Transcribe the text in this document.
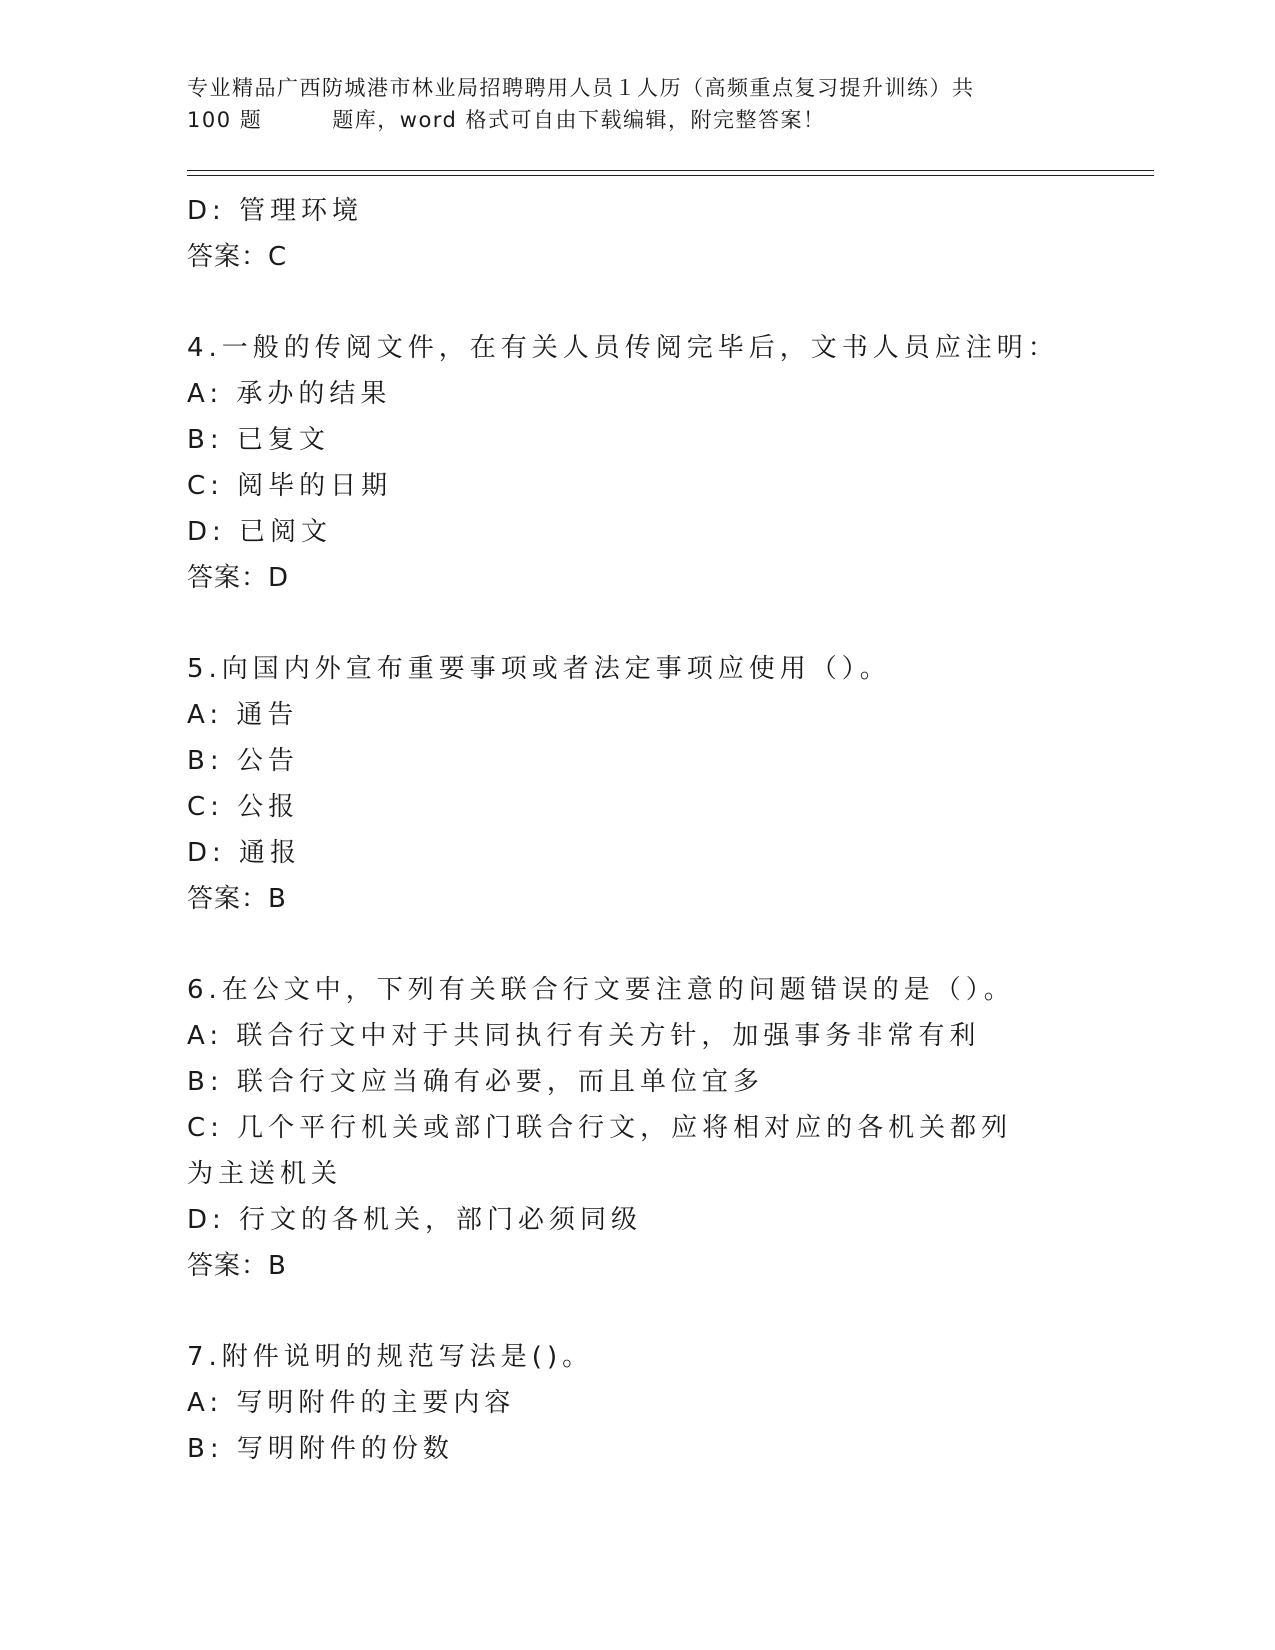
专业精品广西防城港市林业局招聘聘用人员１人历（高频重点复习提升训练）共
100 题	题库，word 格式可自由下载编辑，附完整答案！
D: 管理环境
答案：C
4.一般的传阅文件，在有关人员传阅完毕后，文书人员应注明：
A: 承办的结果
B: 已复文
C: 阅毕的日期
D: 已阅文
答案：D
5.向国内外宣布重要事项或者法定事项应使用（）。
A: 通告
B: 公告
C: 公报
D: 通报
答案：B
6.在公文中，下列有关联合行文要注意的问题错误的是（）。
A: 联合行文中对于共同执行有关方针，加强事务非常有利
B: 联合行文应当确有必要，而且单位宜多
C: 几个平行机关或部门联合行文，应将相对应的各机关都列为主送机关
D: 行文的各机关，部门必须同级
答案：B
7.附件说明的规范写法是()。
A: 写明附件的主要内容
B: 写明附件的份数
